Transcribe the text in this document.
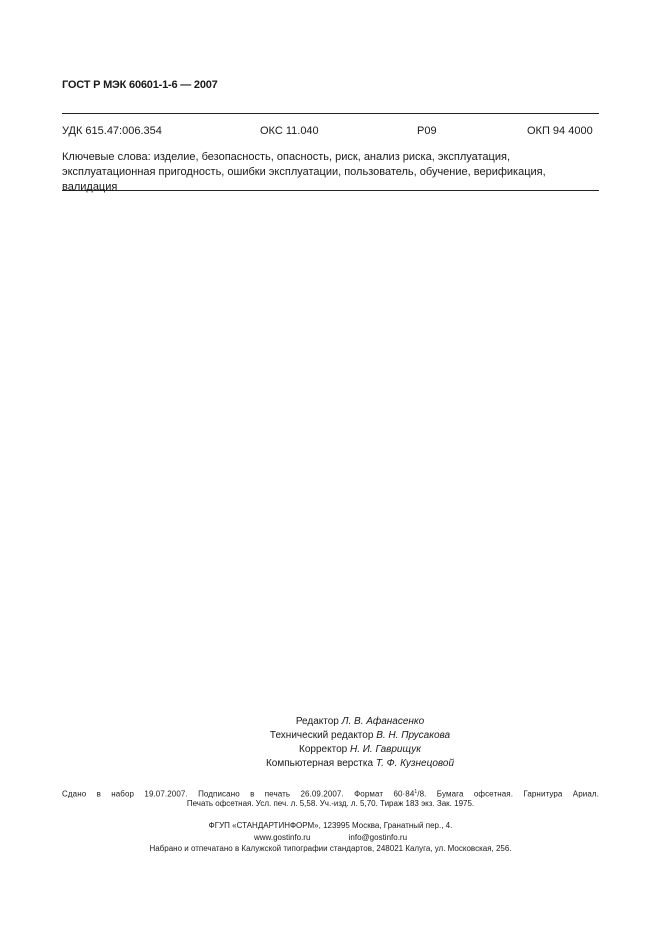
ГОСТ Р МЭК 60601-1-6 — 2007
УДК 615.47:006.354	ОКС 11.040	Р09	ОКП 94 4000
Ключевые слова: изделие, безопасность, опасность, риск, анализ риска, эксплуатация, эксплуатационная пригодность, ошибки эксплуатации, пользователь, обучение, верификация, валидация
Редактор Л. В. Афанасенко
Технический редактор В. Н. Прусакова
Корректор Н. И. Гаврищук
Компьютерная верстка Т. Ф. Кузнецовой
Сдано в набор 19.07.2007. Подписано в печать 26.09.2007. Формат $60\cdot 84^1/8$. Бумага офсетная. Гарнитура Ариал.
Печать офсетная. Усл. печ. л. 5,58. Уч.-изд. л. 5,70. Тираж 183 экз. Зак. 1975.
ФГУП «СТАНДАРТИНФОРМ», 123995 Москва, Гранатный пер., 4.
www.gostinfo.ru	info@gostinfo.ru
Набрано и отпечатано в Калужской типографии стандартов, 248021 Калуга, ул. Московская, 256.
